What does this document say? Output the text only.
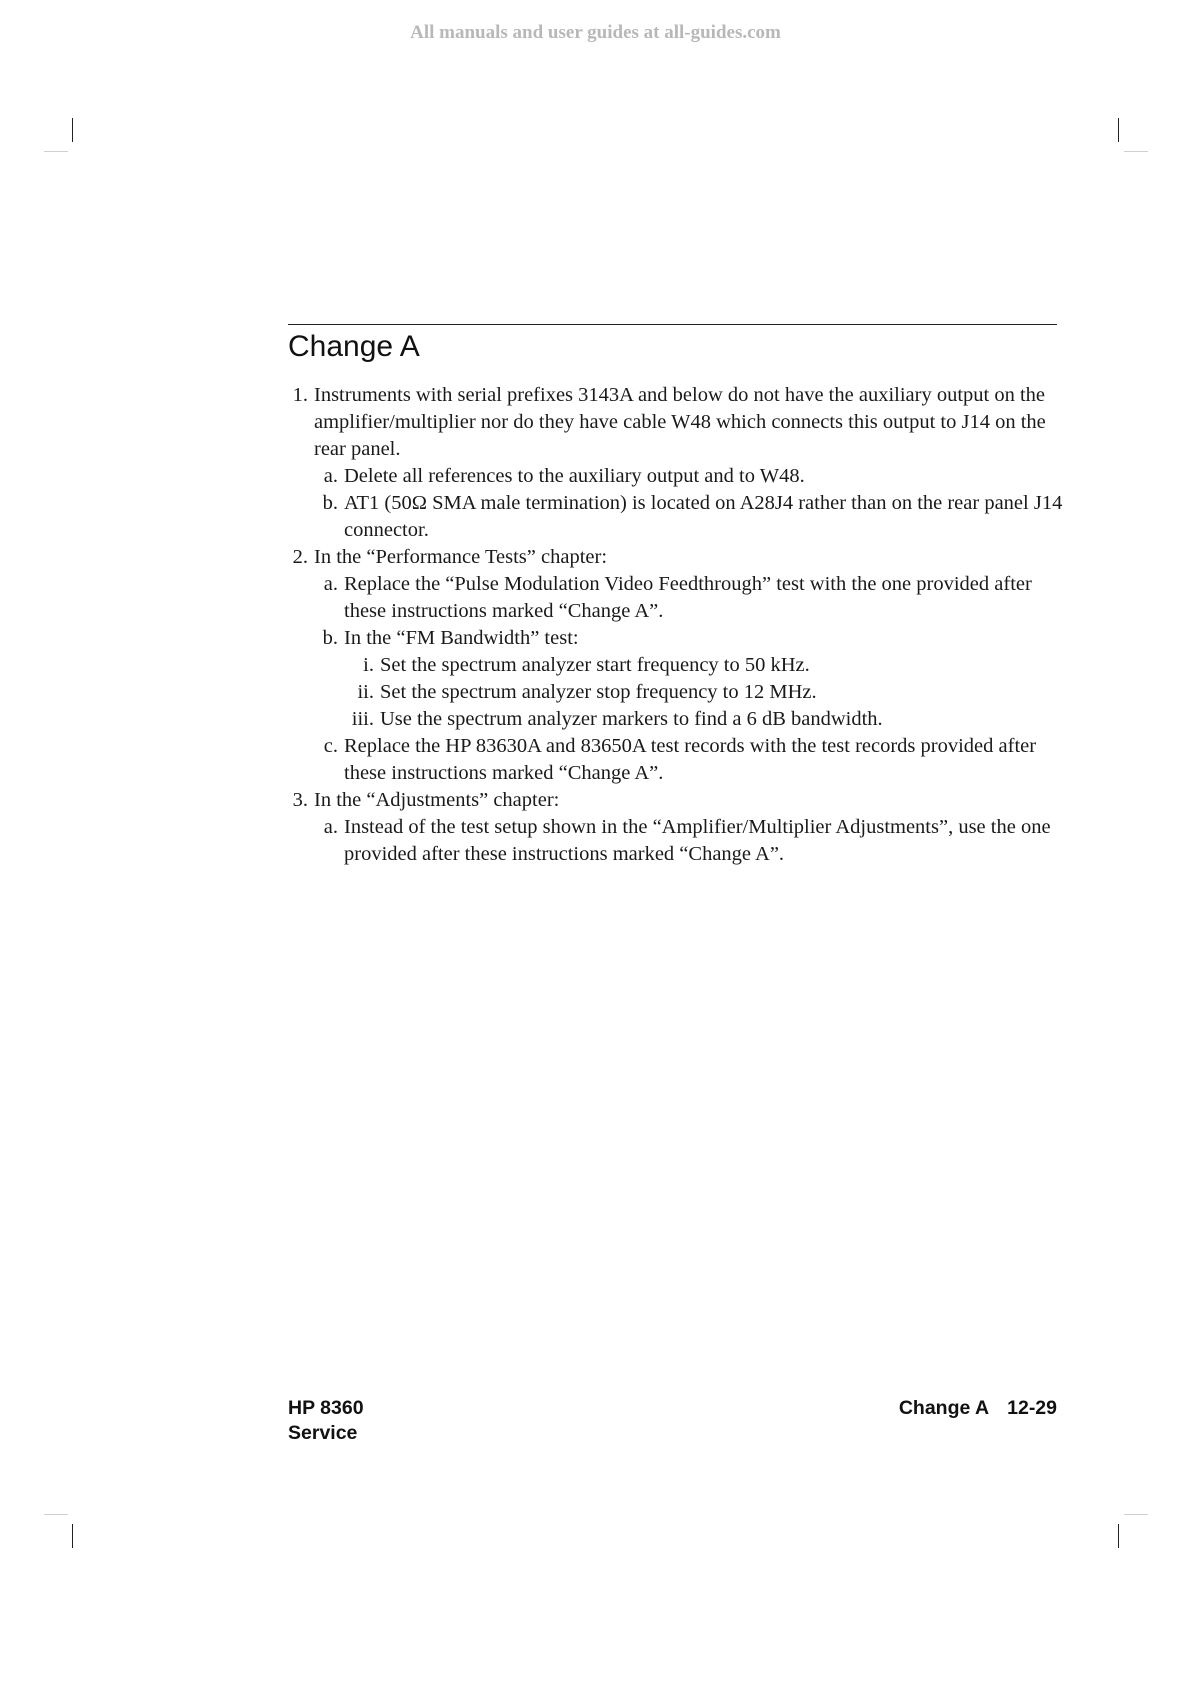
All manuals and user guides at all-guides.com
Change A
1. Instruments with serial prefixes 3143A and below do not have the auxiliary output on the amplifier/multiplier nor do they have cable W48 which connects this output to J14 on the rear panel.
a. Delete all references to the auxiliary output and to W48.
b. AT1 (50Ω SMA male termination) is located on A28J4 rather than on the rear panel J14 connector.
2. In the “Performance Tests” chapter:
a. Replace the “Pulse Modulation Video Feedthrough” test with the one provided after these instructions marked “Change A”.
b. In the “FM Bandwidth” test:
i. Set the spectrum analyzer start frequency to 50 kHz.
ii. Set the spectrum analyzer stop frequency to 12 MHz.
iii. Use the spectrum analyzer markers to find a 6 dB bandwidth.
c. Replace the HP 83630A and 83650A test records with the test records provided after these instructions marked “Change A”.
3. In the “Adjustments” chapter:
a. Instead of the test setup shown in the “Amplifier/Multiplier Adjustments”, use the one provided after these instructions marked “Change A”.
HP 8360
Service
Change A 12-29
